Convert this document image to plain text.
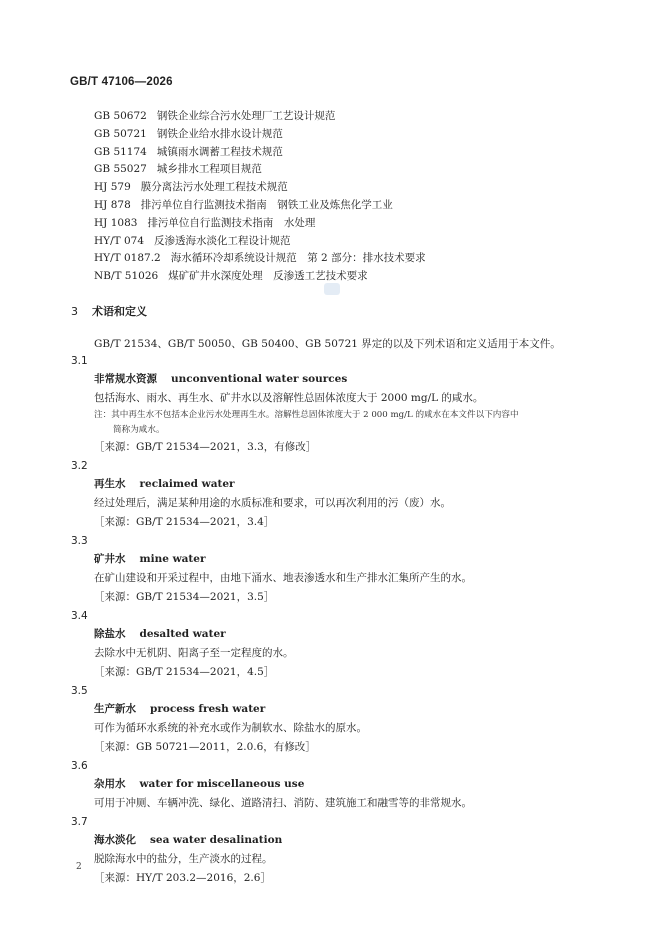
GB/T 47106—2026
GB 50672 钢铁企业综合污水处理厂工艺设计规范
GB 50721 钢铁企业给水排水设计规范
GB 51174 城镇雨水调蓄工程技术规范
GB 55027 城乡排水工程项目规范
HJ 579 膜分离法污水处理工程技术规范
HJ 878 排污单位自行监测技术指南　钢铁工业及炼焦化学工业
HJ 1083 排污单位自行监测技术指南　水处理
HY/T 074 反渗透海水淡化工程设计规范
HY/T 0187.2 海水循环冷却系统设计规范　第 2 部分：排水技术要求
NB/T 51026 煤矿矿井水深度处理　反渗透工艺技术要求
3 术语和定义
GB/T 21534、GB/T 50050、GB 50400、GB 50721 界定的以及下列术语和定义适用于本文件。
3.1
非常规水资源 unconventional water sources
包括海水、雨水、再生水、矿井水以及溶解性总固体浓度大于 2000 mg/L 的咸水。
注：其中再生水不包括本企业污水处理再生水。溶解性总固体浓度大于 2 000 mg/L 的咸水在本文件以下内容中
简称为咸水。
［来源：GB/T 21534—2021，3.3，有修改］
3.2
再生水 reclaimed water
经过处理后，满足某种用途的水质标准和要求，可以再次利用的污（废）水。
［来源：GB/T 21534—2021，3.4］
3.3
矿井水 mine water
在矿山建设和开采过程中，由地下涌水、地表渗透水和生产排水汇集所产生的水。
［来源：GB/T 21534—2021，3.5］
3.4
除盐水 desalted water
去除水中无机阴、阳离子至一定程度的水。
［来源：GB/T 21534—2021，4.5］
3.5
生产新水 process fresh water
可作为循环水系统的补充水或作为制软水、除盐水的原水。
［来源：GB 50721—2011，2.0.6，有修改］
3.6
杂用水 water for miscellaneous use
可用于冲厕、车辆冲洗、绿化、道路清扫、消防、建筑施工和融雪等的非常规水。
3.7
海水淡化 sea water desalination
脱除海水中的盐分，生产淡水的过程。
［来源：HY/T 203.2—2016，2.6］
2
